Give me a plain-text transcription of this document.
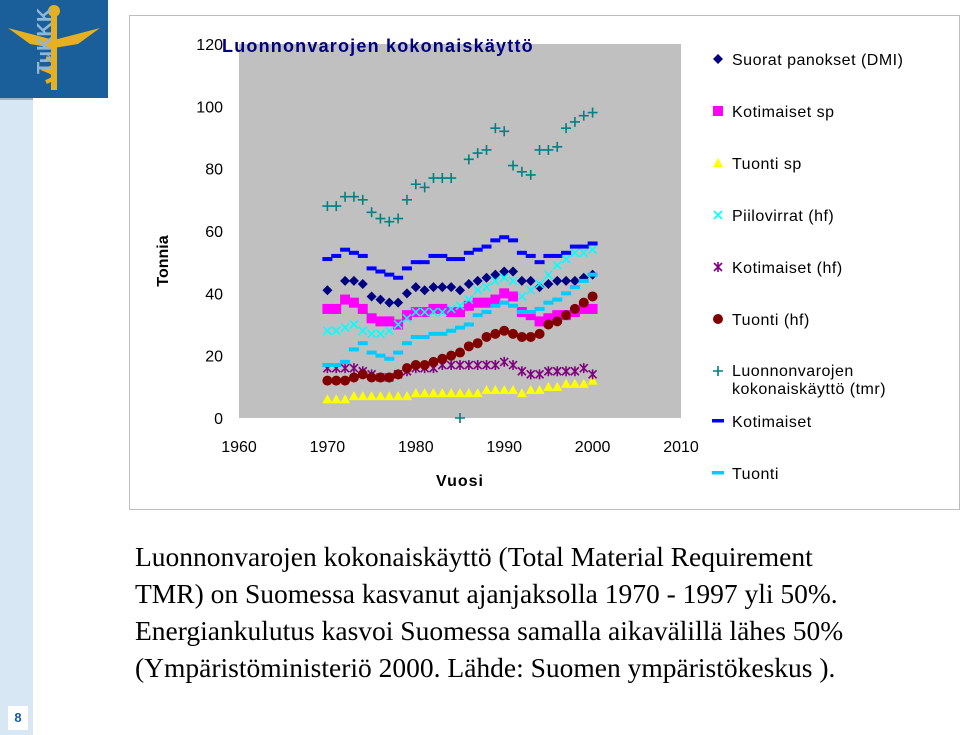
TuKKK
8
Luonnonvarojen kokonaiskäyttö
0
20
40
60
80
100
120
1960	1970	1980	1990	2000	2010
Vuosi
Tonnia
Suorat panokset (DMI)
Kotimaiset sp
Tuonti sp
Piilovirrat (hf)
Kotimaiset (hf)
Tuonti (hf)
Luonnonvarojen
kokonaiskäyttö (tmr)
Kotimaiset
Tuonti

Luonnonvarojen kokonaiskäyttö (Total Material Requirement
TMR) on Suomessa kasvanut ajanjaksolla 1970 - 1997 yli 50%.
Energiankulutus kasvoi Suomessa samalla aikavälillä lähes 50%
(Ympäristöministeriö 2000. Lähde: Suomen ympäristökeskus ).
